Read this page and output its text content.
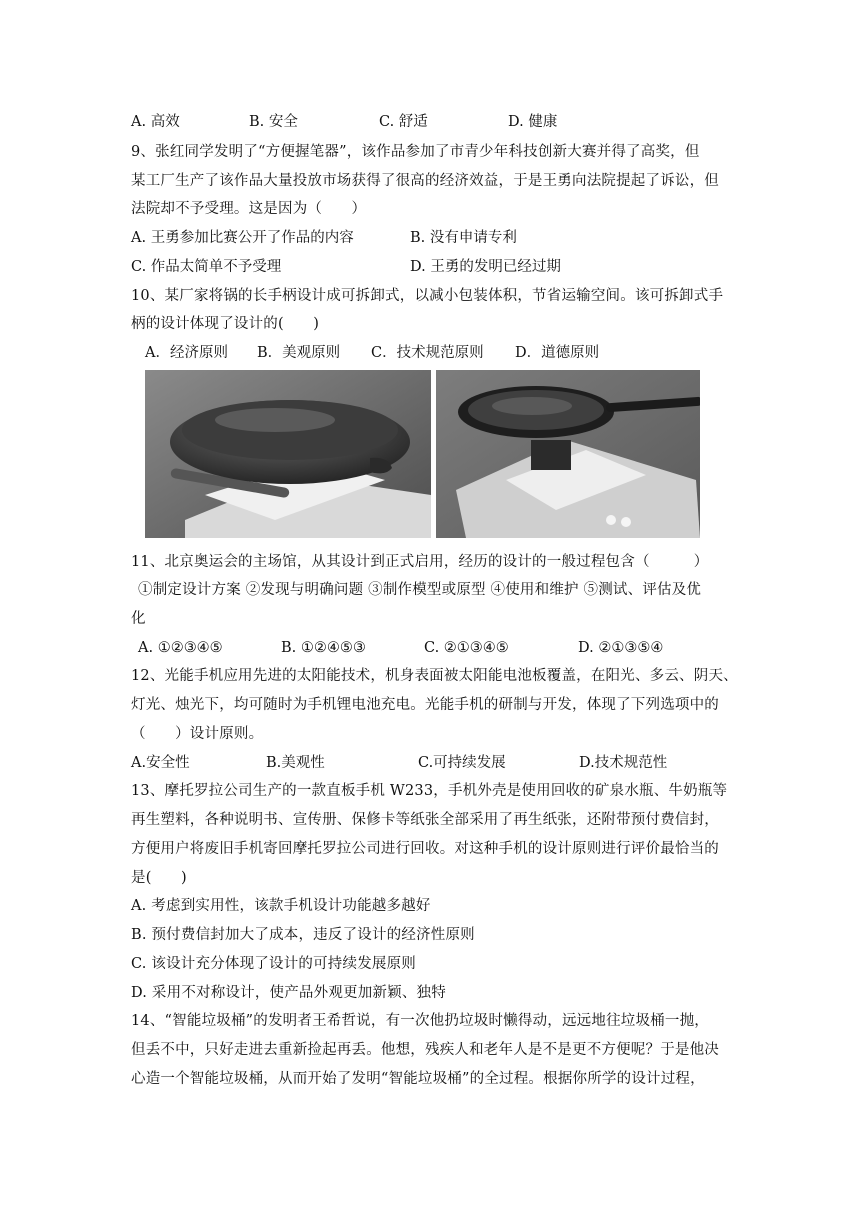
A. 高效	B. 安全	C. 舒适	D. 健康
9、张红同学发明了“方便握笔器”，该作品参加了市青少年科技创新大赛并得了高奖，但
某工厂生产了该作品大量投放市场获得了很高的经济效益，于是王勇向法院提起了诉讼，但
法院却不予受理。这是因为（　　）
A. 王勇参加比赛公开了作品的内容	B. 没有申请专利
C. 作品太简单不予受理	D. 王勇的发明已经过期
10、某厂家将锅的长手柄设计成可拆卸式，以减小包装体积，节省运输空间。该可拆卸式手
柄的设计体现了设计的(　　)
A．经济原则 B．美观原则 C．技术规范原则 D．道德原则
11、北京奥运会的主场馆，从其设计到正式启用，经历的设计的一般过程包含（　　　）
①制定设计方案 ②发现与明确问题 ③制作模型或原型 ④使用和维护 ⑤测试、评估及优
化
A. ①②③④⑤	B. ①②④⑤③	C. ②①③④⑤	D. ②①③⑤④
12、光能手机应用先进的太阳能技术，机身表面被太阳能电池板覆盖，在阳光、多云、阴天、
灯光、烛光下，均可随时为手机锂电池充电。光能手机的研制与开发，体现了下列选项中的
（　　）设计原则。
A.安全性	B.美观性	C.可持续发展	D.技术规范性
13、摩托罗拉公司生产的一款直板手机 W233，手机外壳是使用回收的矿泉水瓶、牛奶瓶等
再生塑料，各种说明书、宣传册、保修卡等纸张全部采用了再生纸张，还附带预付费信封，
方便用户将废旧手机寄回摩托罗拉公司进行回收。对这种手机的设计原则进行评价最恰当的
是(　　)
A. 考虑到实用性，该款手机设计功能越多越好
B. 预付费信封加大了成本，违反了设计的经济性原则
C. 该设计充分体现了设计的可持续发展原则
D. 采用不对称设计，使产品外观更加新颖、独特
14、“智能垃圾桶”的发明者王希哲说，有一次他扔垃圾时懒得动，远远地往垃圾桶一抛，
但丢不中，只好走进去重新捡起再丢。他想，残疾人和老年人是不是更不方便呢？于是他决
心造一个智能垃圾桶，从而开始了发明“智能垃圾桶”的全过程。根据你所学的设计过程，
